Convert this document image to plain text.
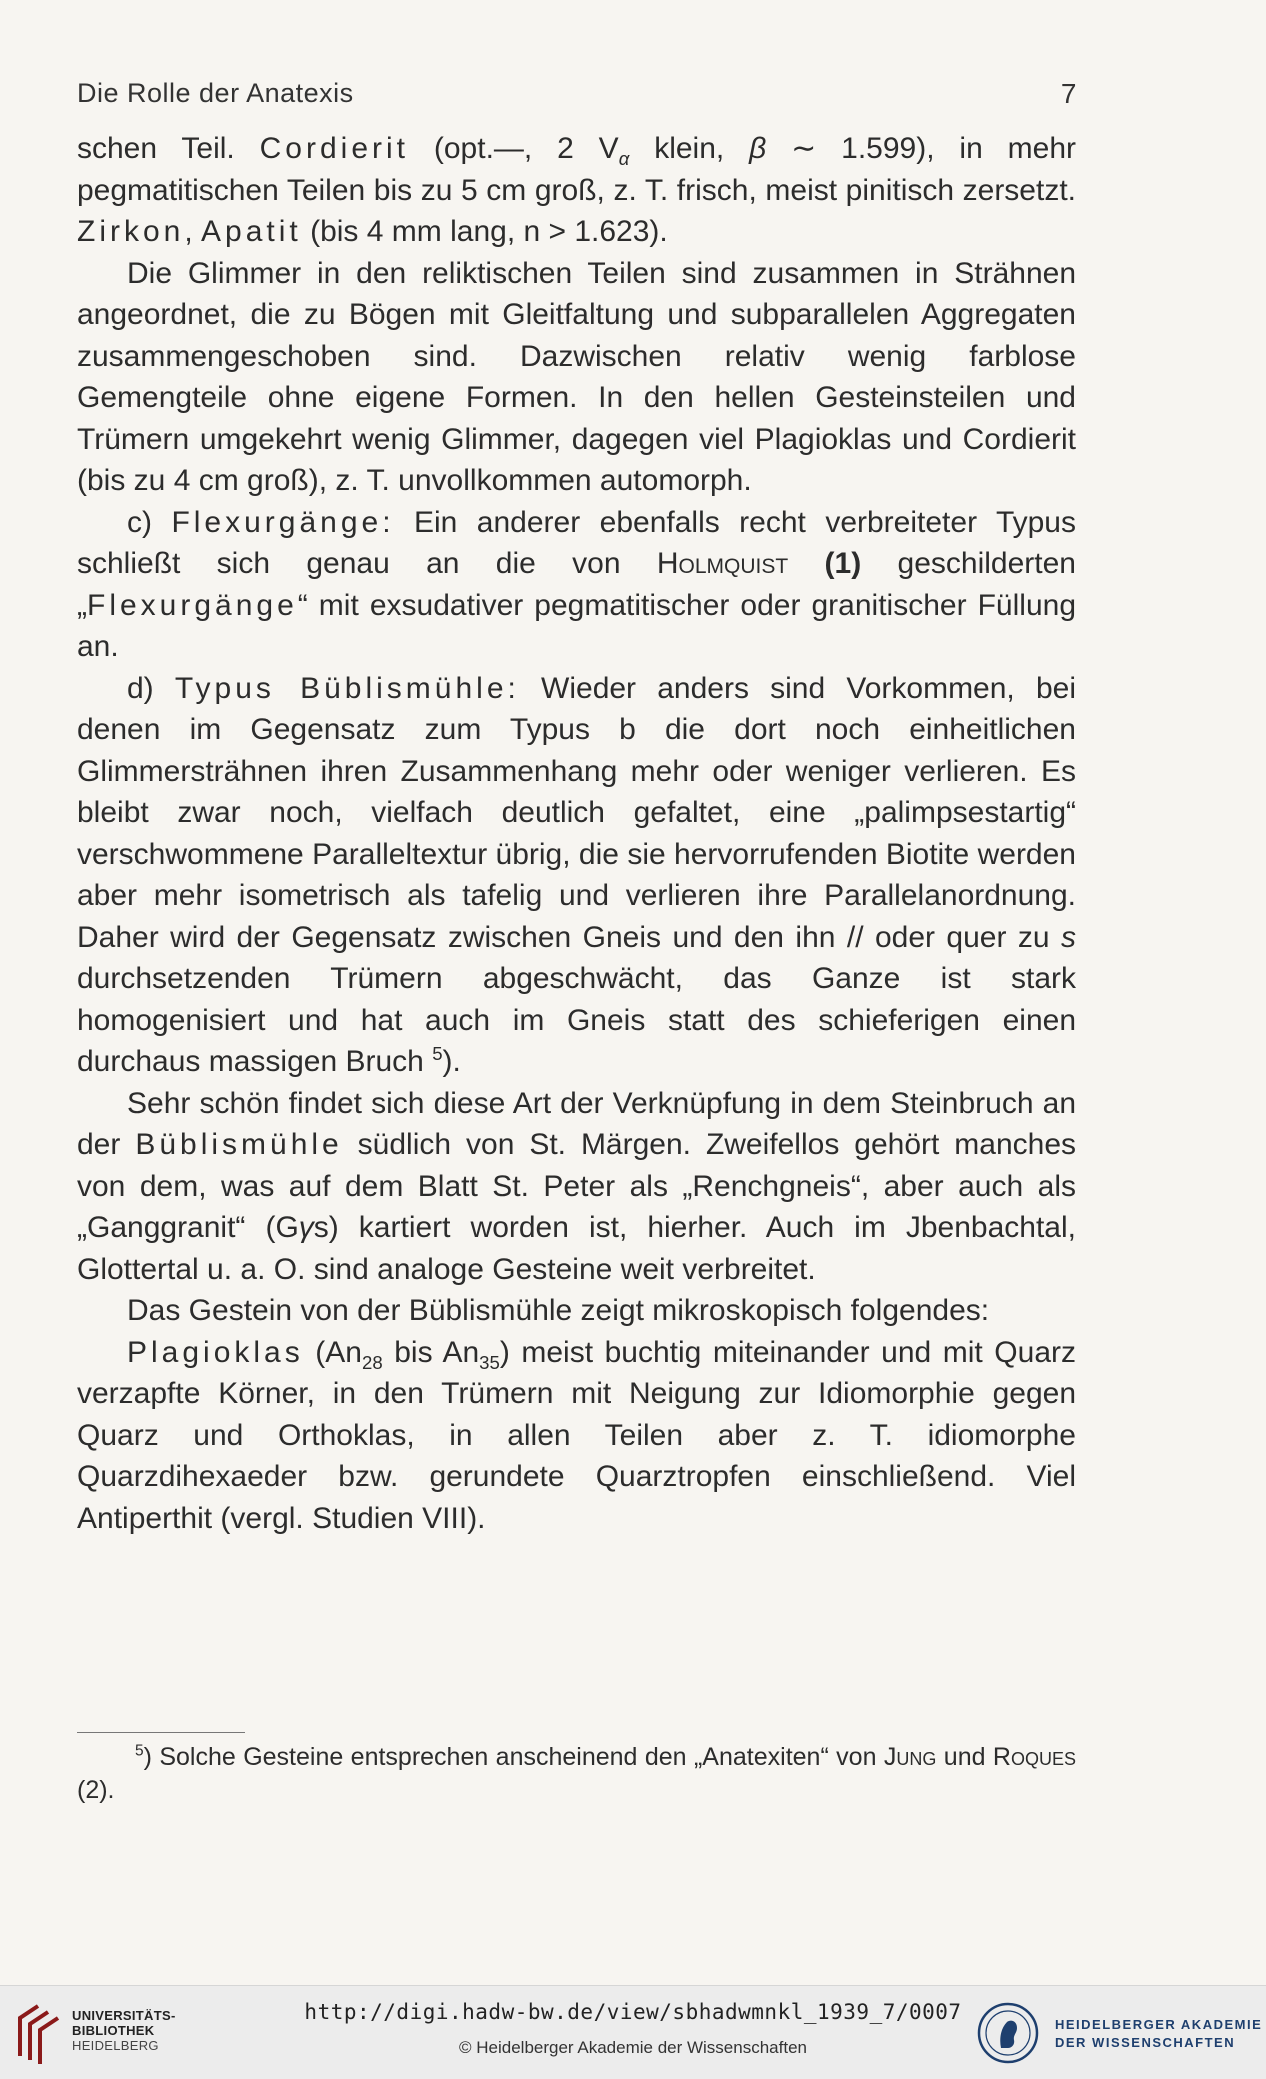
Die Rolle der Anatexis	7

schen Teil. Cordierit (opt.—, 2 $V_\alpha$ klein, β ∼ 1.599), in mehr pegmatitischen Teilen bis zu 5 cm groß, z. T. frisch, meist pinitisch zersetzt. Zirkon, Apatit (bis 4 mm lang, n > 1.623).

Die Glimmer in den reliktischen Teilen sind zusammen in Strähnen angeordnet, die zu Bögen mit Gleitfaltung und subparallelen Aggregaten zusammengeschoben sind. Dazwischen relativ wenig farblose Gemengteile ohne eigene Formen. In den hellen Gesteinsteilen und Trümern umgekehrt wenig Glimmer, dagegen viel Plagioklas und Cordierit (bis zu 4 cm groß), z. T. unvollkommen automorph.

c) Flexurgänge: Ein anderer ebenfalls recht verbreiteter Typus schließt sich genau an die von Holmquist (1) geschilderten „Flexurgänge“ mit exsudativer pegmatitischer oder granitischer Füllung an.

d) Typus Büblismühle: Wieder anders sind Vorkommen, bei denen im Gegensatz zum Typus b die dort noch einheitlichen Glimmersträhnen ihren Zusammenhang mehr oder weniger verlieren. Es bleibt zwar noch, vielfach deutlich gefaltet, eine „palimpsestartig“ verschwommene Paralleltextur übrig, die sie hervorrufenden Biotite werden aber mehr isometrisch als tafelig und verlieren ihre Parallelanordnung. Daher wird der Gegensatz zwischen Gneis und den ihn // oder quer zu s durchsetzenden Trümern abgeschwächt, das Ganze ist stark homogenisiert und hat auch im Gneis statt des schieferigen einen durchaus massigen Bruch $^5$).

Sehr schön findet sich diese Art der Verknüpfung in dem Steinbruch an der Büblismühle südlich von St. Märgen. Zweifellos gehört manches von dem, was auf dem Blatt St. Peter als „Renchgneis“, aber auch als „Ganggranit“ (Gγs) kartiert worden ist, hierher. Auch im Jbenbachtal, Glottertal u. a. O. sind analoge Gesteine weit verbreitet.

Das Gestein von der Büblismühle zeigt mikroskopisch folgendes:

Plagioklas ($An_{28}$ bis $An_{35}$) meist buchtig miteinander und mit Quarz verzapfte Körner, in den Trümern mit Neigung zur Idiomorphie gegen Quarz und Orthoklas, in allen Teilen aber z. T. idiomorphe Quarzdihexaeder bzw. gerundete Quarztropfen einschließend. Viel Antiperthit (vergl. Studien VIII).

$^5$) Solche Gesteine entsprechen anscheinend den „Anatexiten“ von Jung und Roques (2).

UNIVERSITÄTS-
BIBLIOTHEK
HEIDELBERG
http://digi.hadw-bw.de/view/sbhadwmnkl_1939_7/0007
© Heidelberger Akademie der Wissenschaften
HEIDELBERGER AKADEMIE
DER WISSENSCHAFTEN
